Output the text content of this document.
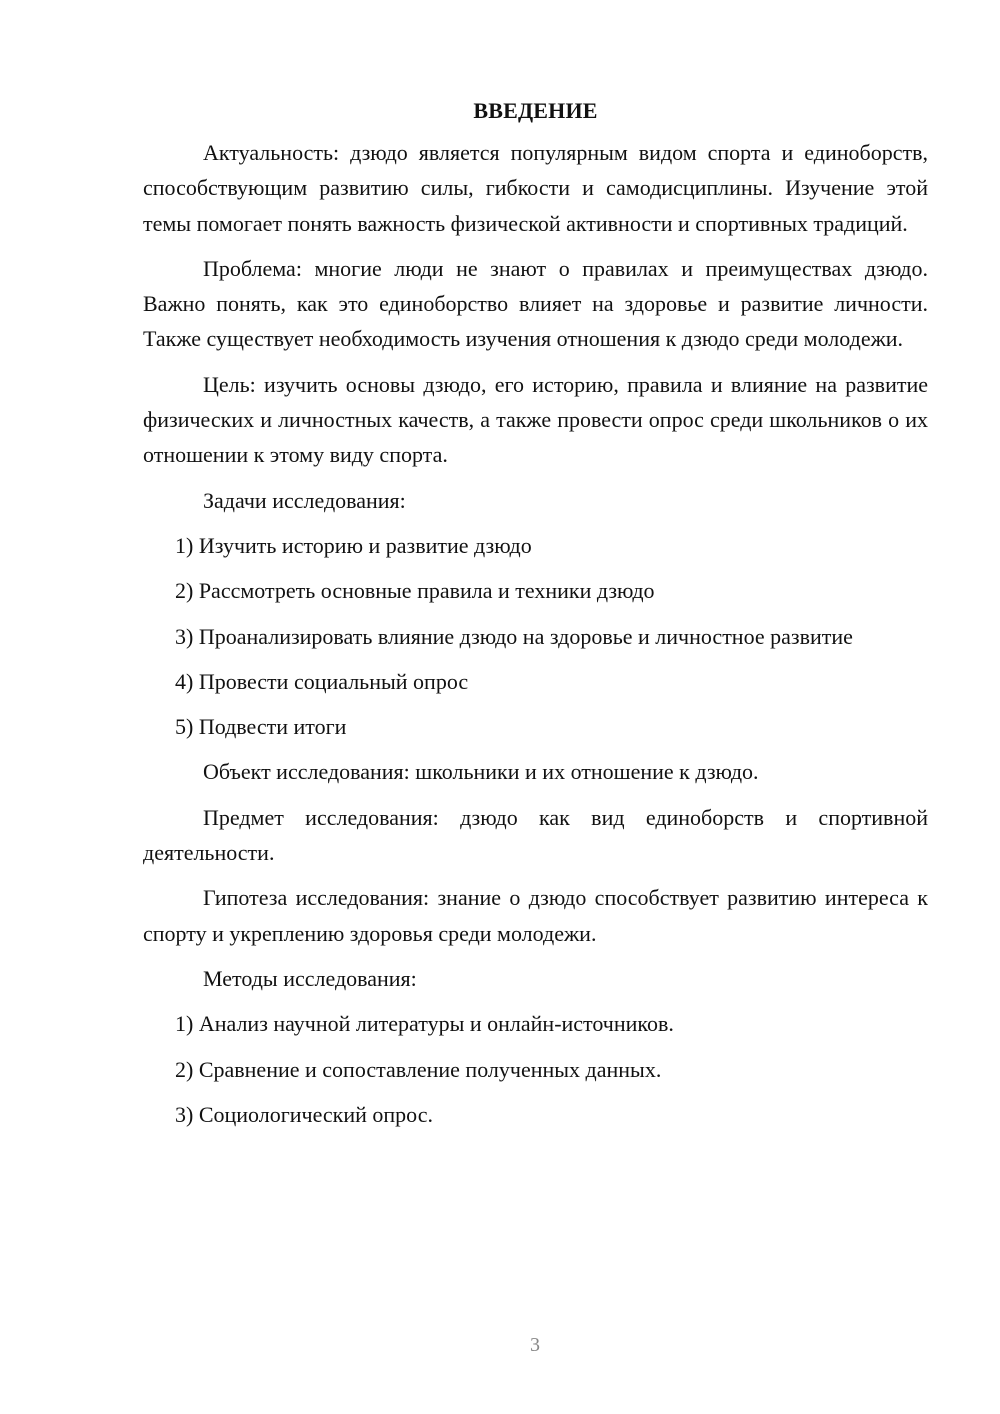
ВВЕДЕНИЕ
Актуальность: дзюдо является популярным видом спорта и единоборств, способствующим развитию силы, гибкости и самодисциплины. Изучение этой темы помогает понять важность физической активности и спортивных традиций.
Проблема: многие люди не знают о правилах и преимуществах дзюдо. Важно понять, как это единоборство влияет на здоровье и развитие личности. Также существует необходимость изучения отношения к дзюдо среди молодежи.
Цель: изучить основы дзюдо, его историю, правила и влияние на развитие физических и личностных качеств, а также провести опрос среди школьников о их отношении к этому виду спорта.
Задачи исследования:
1) Изучить историю и развитие дзюдо
2) Рассмотреть основные правила и техники дзюдо
3) Проанализировать влияние дзюдо на здоровье и личностное развитие
4) Провести социальный опрос
5) Подвести итоги
Объект исследования: школьники и их отношение к дзюдо.
Предмет исследования: дзюдо как вид единоборств и спортивной деятельности.
Гипотеза исследования: знание о дзюдо способствует развитию интереса к спорту и укреплению здоровья среди молодежи.
Методы исследования:
1) Анализ научной литературы и онлайн-источников.
2) Сравнение и сопоставление полученных данных.
3) Социологический опрос.
3
